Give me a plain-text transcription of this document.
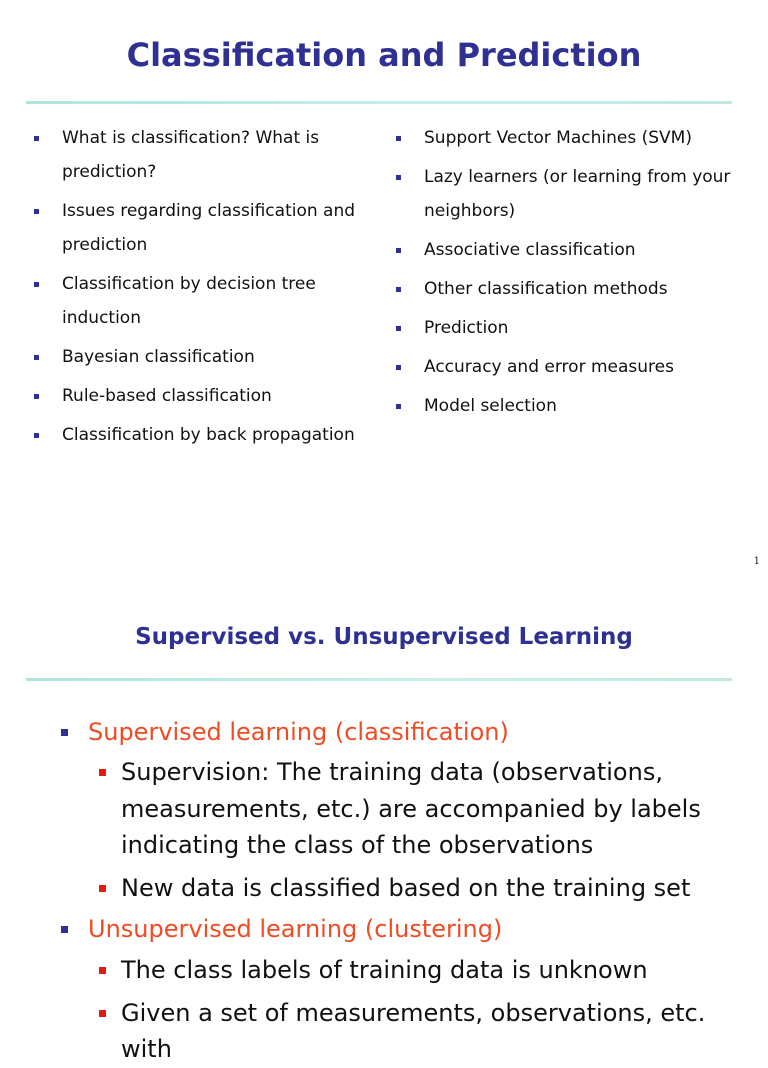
Classification and Prediction
What is classification? What is prediction?
Issues regarding classification and prediction
Classification by decision tree induction
Bayesian classification
Rule-based classification
Classification by back propagation
Support Vector Machines (SVM)
Lazy learners (or learning from your neighbors)
Associative classification
Other classification methods
Prediction
Accuracy and error measures
Model selection
1
Supervised vs. Unsupervised Learning
Supervised learning (classification)
Supervision: The training data (observations, measurements, etc.) are accompanied by labels indicating the class of the observations
New data is classified based on the training set
Unsupervised learning (clustering)
The class labels of training data is unknown
Given a set of measurements, observations, etc. with
